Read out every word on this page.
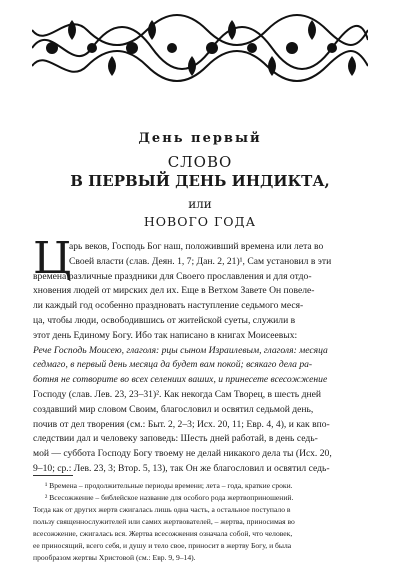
День первый
СЛОВО
В ПЕРВЫЙ ДЕНЬ ИНДИКТА,
или
НОВОГО ГОДА
Ц
арь веков, Господь Бог наш, положивший времена или лета во
Своей власти (слав. Деян. 1, 7; Дан. 2, 21)¹, Сам установил в эти
времена различные праздники для Своего прославления и для отдо-
хновения людей от мирских дел их. Еще в Ветхом Завете Он повеле-
ли каждый год особенно праздновать наступление седьмого меся-
ца, чтобы люди, освободившись от житейской суеты, служили в
этот день Единому Богу. Ибо так написано в книгах Моисеевых:
Рече Господь Моисею, глаголя: рцы сыном Израилевым, глаголя: месяца
седмаго, в первый день месяца да будет вам покой; всякаго дела ра-
ботня не сотворите во всех селениих ваших, и принесете всесожжение
Господу (слав. Лев. 23, 23–31)². Как некогда Сам Творец, в шесть дней
создавший мир словом Своим, благословил и освятил седьмой день,
почив от дел творения (см.: Быт. 2, 2–3; Исх. 20, 11; Евр. 4, 4), и как впо-
следствии дал и человеку заповедь: Шесть дней работай, в день седь-
мой — суббота Господу Богу твоему не делай никакого дела ты (Исх. 20,
9–10; ср.: Лев. 23, 3; Втор. 5, 13), так Он же благословил и освятил седь-
¹ Времена – продолжительные периоды времени; лета – года, краткие сроки.
² Всесожжение – библейское название для особого рода жертвоприношений.
Тогда как от других жертв сжигалась лишь одна часть, а остальное поступало в
пользу священнослужителей или самих жертвователей, – жертва, приносимая во
всесожжение, сжигалась вся. Жертва всесожжения означала собой, что человек,
ее приносящий, всего себя, и душу и тело свое, приносит в жертву Богу, и была
прообразом жертвы Христовой (см.: Евр. 9, 9–14).
